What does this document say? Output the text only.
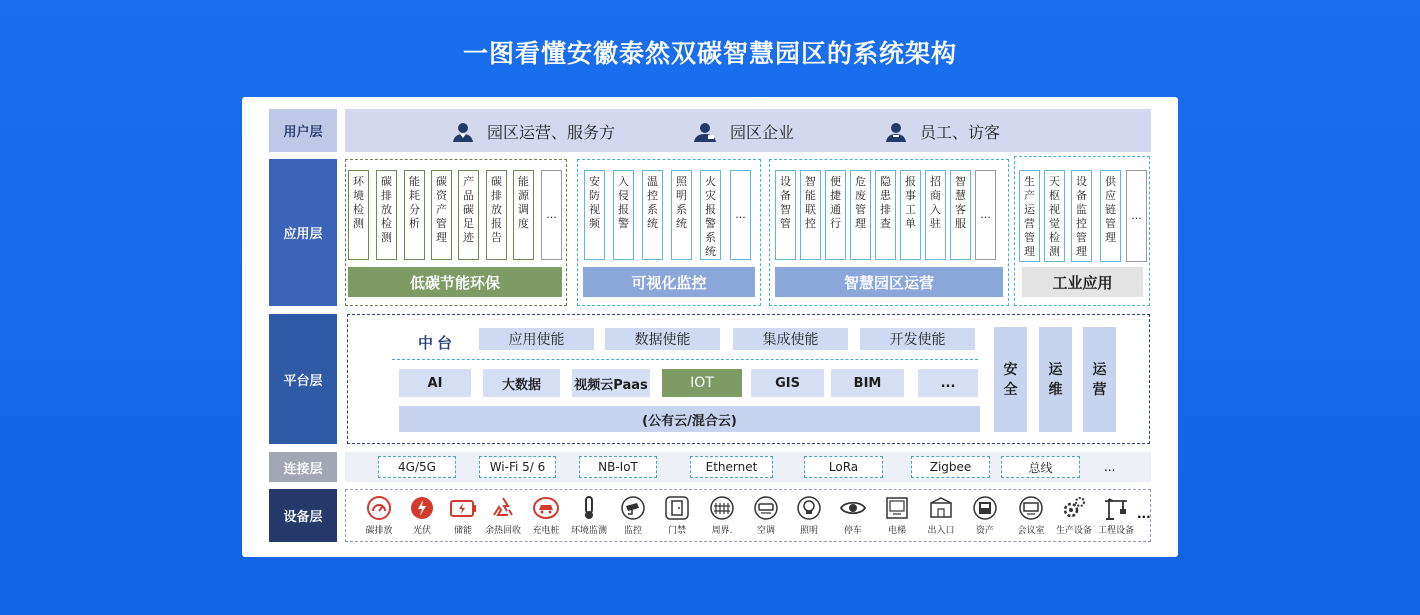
一图看懂安徽泰然双碳智慧园区的系统架构
用户层
应用层
平台层
连接层
设备层
园区运营、服务方	园区企业	员工、访客
环境检测
碳排放检测
能耗分析
碳资产管理
产品碳足迹
碳排放报告
能源调度
...
低碳节能环保
安防视频
入侵报警
温控系统
照明系统
火灾报警系统
...
可视化监控
设备智管
智能联控
便捷通行
危废管理
隐患排查
报事工单
招商入驻
智慧客服
...
智慧园区运营
生产运营管理
天枢视觉检测
设备监控管理
供应链管理
...
工业应用
中台	应用使能	数据使能	集成使能	开发使能
AI	大数据	视频云Paas	IOT	GIS	BIM	...
(公有云/混合云)
安全
运维
运营
4G/5G	Wi-Fi 5/ 6	NB-IoT	Ethernet	LoRa	Zigbee	总线	...
碳排放	光伏	储能	余热回收	充电桩	环境监测	监控	门禁	周界.	空调	照明	停车	电梯	出入口	资产	会议室	生产设备 工程设备
...
